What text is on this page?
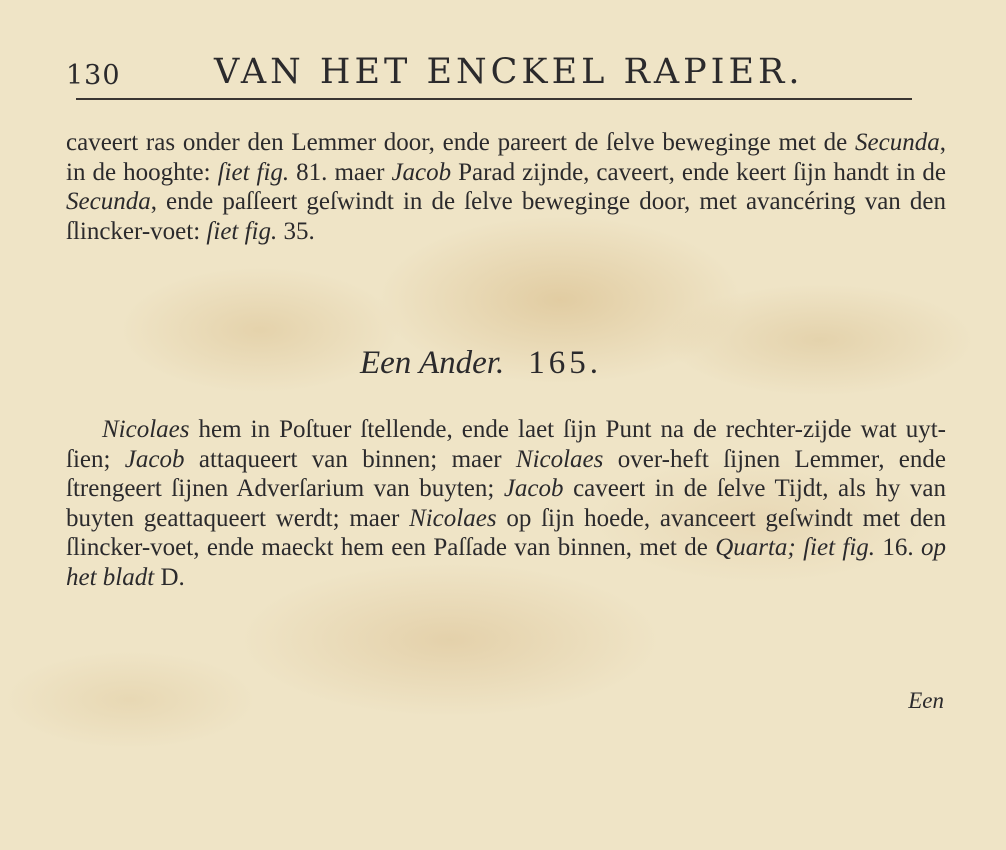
130	VAN HET ENCKEL RAPIER.

caveert ras onder den Lemmer door, ende pareert de ſelve beweginge met de Secunda, in de hooghte: ſiet fig. 81. maer Jacob Parad zijnde, caveert, ende keert ſijn handt in de Secunda, ende paſſeert geſwindt in de ſelve beweginge door, met avancéring van den ſlincker-voet: ſiet fig. 35.

Een Ander. 165.

Nicolaes hem in Poſtuer ſtellende, ende laet ſijn Punt na de rechter-zijde wat uyt-ſien; Jacob attaqueert van binnen; maer Nicolaes over-heft ſijnen Lemmer, ende ſtrengeert ſijnen Adverſarium van buyten; Jacob caveert in de ſelve Tijdt, als hy van buyten geattaqueert werdt; maer Nicolaes op ſijn hoede, avanceert geſwindt met den ſlincker-voet, ende maeckt hem een Paſſade van binnen, met de Quarta; ſiet fig. 16. op het bladt D.

Een
